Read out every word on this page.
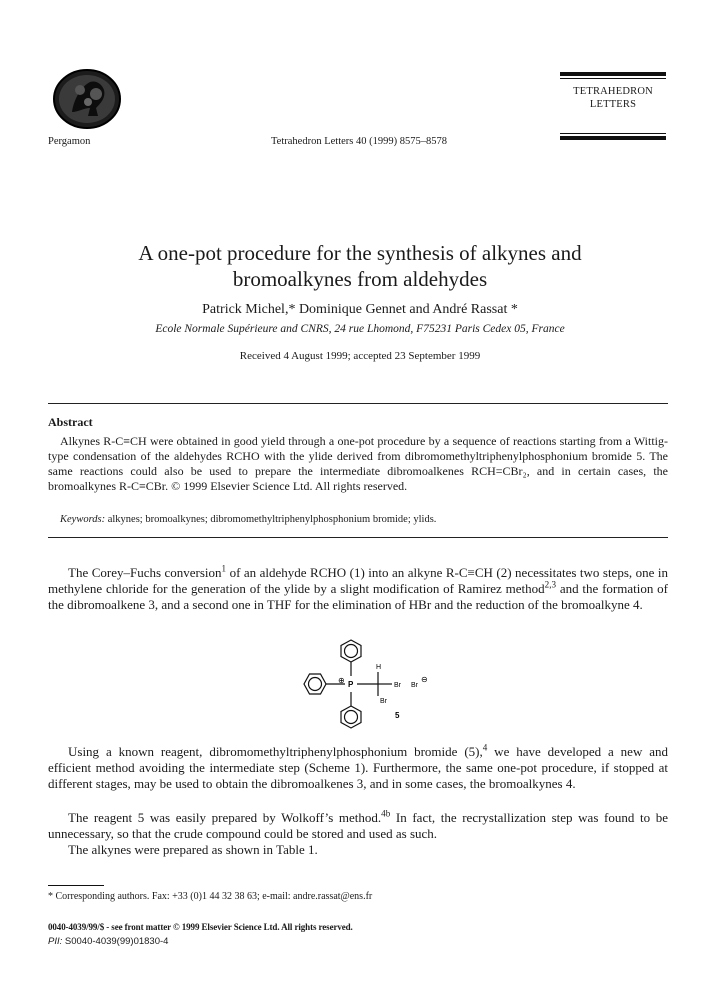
Pergamon	Tetrahedron Letters 40 (1999) 8575–8578
TETRAHEDRON
LETTERS
A one-pot procedure for the synthesis of alkynes and
bromoalkynes from aldehydes
Patrick Michel,* Dominique Gennet and André Rassat *
Ecole Normale Supérieure and CNRS, 24 rue Lhomond, F75231 Paris Cedex 05, France
Received 4 August 1999; accepted 23 September 1999
Abstract
Alkynes R-C≡CH were obtained in good yield through a one-pot procedure by a sequence of reactions starting from a Wittig-type condensation of the aldehydes RCHO with the ylide derived from dibromomethyltriphenylphosphonium bromide 5. The same reactions could also be used to prepare the intermediate dibromoalkenes RCH=CBr₂, and in certain cases, the bromoalkynes R-C≡CBr. © 1999 Elsevier Science Ltd. All rights reserved.
Keywords: alkynes; bromoalkynes; dibromomethyltriphenylphosphonium bromide; ylids.
The Corey–Fuchs conversion$^1$ of an aldehyde RCHO (1) into an alkyne R-C≡CH (2) necessitates two steps, one in methylene chloride for the generation of the ylide by a slight modification of Ramirez method$^{2,3}$ and the formation of the dibromoalkene 3, and a second one in THF for the elimination of HBr and the reduction of the bromoalkyne 4.
H
⊕ P	Br Br
⊖
Br
5
Using a known reagent, dibromomethyltriphenylphosphonium bromide (5),$^4$ we have developed a new and efficient method avoiding the intermediate step (Scheme 1). Furthermore, the same one-pot procedure, if stopped at different stages, may be used to obtain the dibromoalkenes 3, and in some cases, the bromoalkynes 4.
The reagent 5 was easily prepared by Wolkoff’s method.$^{4b}$ In fact, the recrystallization step was found to be unnecessary, so that the crude compound could be stored and used as such.
The alkynes were prepared as shown in Table 1.
* Corresponding authors. Fax: +33 (0)1 44 32 38 63; e-mail: andre.rassat@ens.fr
0040-4039/99/$ - see front matter © 1999 Elsevier Science Ltd. All rights reserved.
PII: S0040-4039(99)01830-4
